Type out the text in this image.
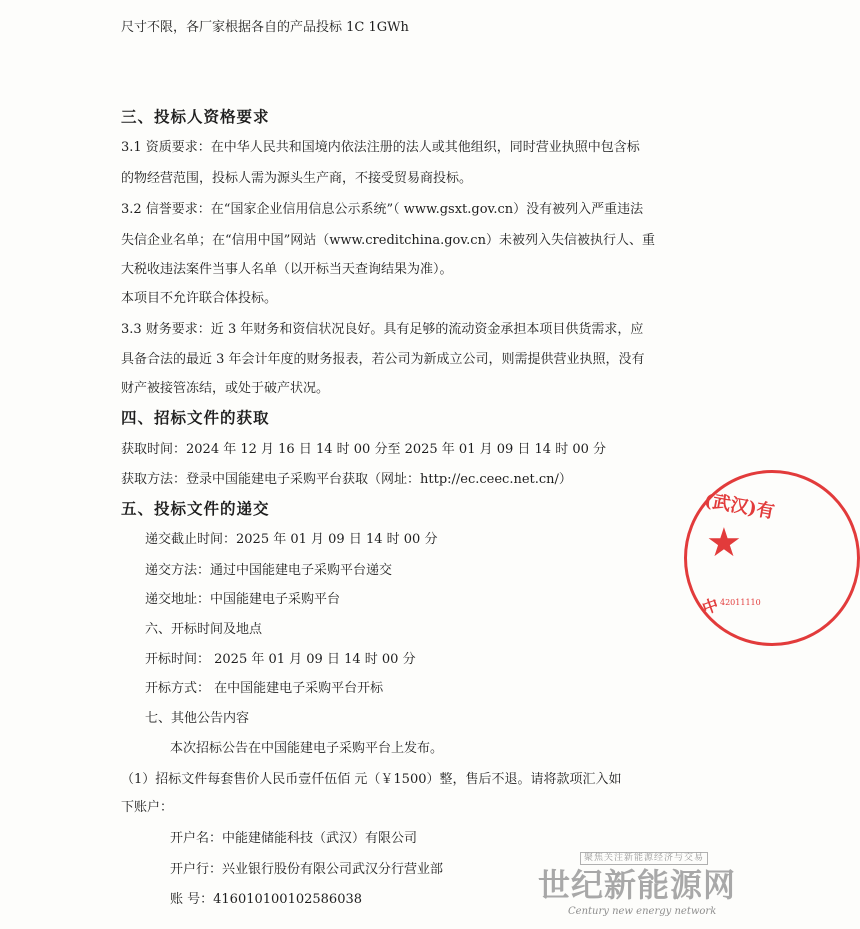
尺寸不限，各厂家根据各自的产品投标 1C 1GWh
三、投标人资格要求
3.1 资质要求：在中华人民共和国境内依法注册的法人或其他组织，同时营业执照中包含标
的物经营范围，投标人需为源头生产商，不接受贸易商投标。
3.2 信誉要求：在“国家企业信用信息公示系统”（ www.gsxt.gov.cn）没有被列入严重违法
失信企业名单；在“信用中国”网站（www.creditchina.gov.cn）未被列入失信被执行人、重
大税收违法案件当事人名单（以开标当天查询结果为准）。
本项目不允许联合体投标。
3.3 财务要求：近 3 年财务和资信状况良好。具有足够的流动资金承担本项目供货需求，应
具备合法的最近 3 年会计年度的财务报表，若公司为新成立公司，则需提供营业执照，没有
财产被接管冻结，或处于破产状况。
四、招标文件的获取
获取时间：2024 年 12 月 16 日 14 时 00 分至 2025 年 01 月 09 日 14 时 00 分
获取方法：登录中国能建电子采购平台获取（网址：http://ec.ceec.net.cn/）
五、投标文件的递交
递交截止时间：2025 年 01 月 09 日 14 时 00 分
递交方法：通过中国能建电子采购平台递交
递交地址：中国能建电子采购平台
六、开标时间及地点
开标时间： 2025 年 01 月 09 日 14 时 00 分
开标方式： 在中国能建电子采购平台开标
七、其他公告内容
本次招标公告在中国能建电子采购平台上发布。
（1）招标文件每套售价人民币壹仟伍佰 元（￥1500）整，售后不退。请将款项汇入如
下账户：
开户名：中能建储能科技（武汉）有限公司
开户行：兴业银行股份有限公司武汉分行营业部
账 号：416010100102586038
(武汉)有
★
中
42011110
聚焦关注新能源经济与交易
世纪新能源网
Century new energy network
